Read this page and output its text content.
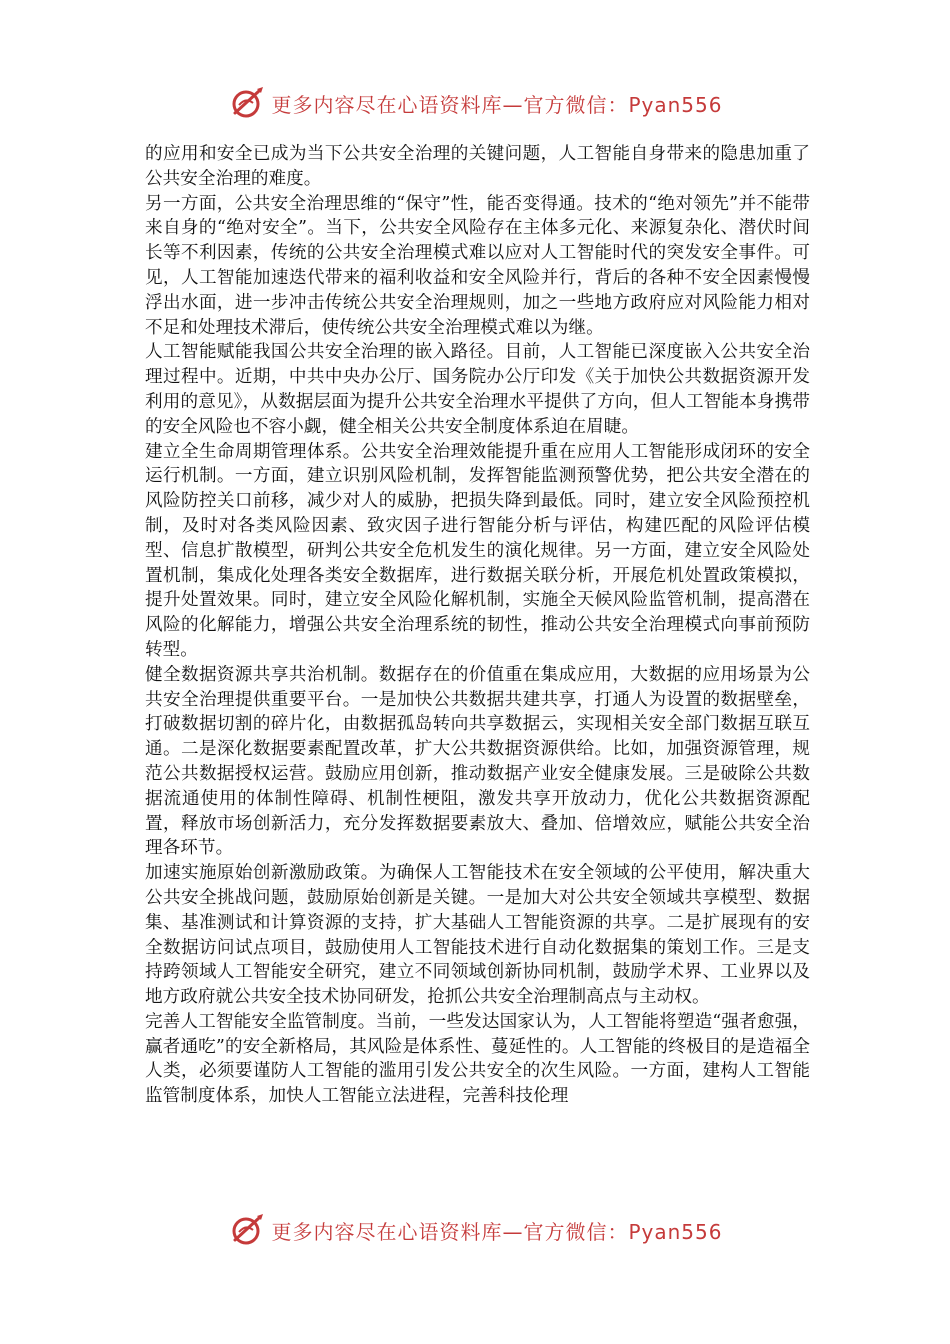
更多内容尽在心语资料库—官方微信：Pyan556

的应用和安全已成为当下公共安全治理的关键问题，人工智能自身带来的隐患加重了公共安全治理的难度。

另一方面，公共安全治理思维的“保守”性，能否变得通。技术的“绝对领先”并不能带来自身的“绝对安全”。当下，公共安全风险存在主体多元化、来源复杂化、潜伏时间长等不利因素，传统的公共安全治理模式难以应对人工智能时代的突发安全事件。可见，人工智能加速迭代带来的福利收益和安全风险并行，背后的各种不安全因素慢慢浮出水面，进一步冲击传统公共安全治理规则，加之一些地方政府应对风险能力相对不足和处理技术滞后，使传统公共安全治理模式难以为继。

人工智能赋能我国公共安全治理的嵌入路径。目前，人工智能已深度嵌入公共安全治理过程中。近期，中共中央办公厅、国务院办公厅印发《关于加快公共数据资源开发利用的意见》，从数据层面为提升公共安全治理水平提供了方向，但人工智能本身携带的安全风险也不容小觑，健全相关公共安全制度体系迫在眉睫。

建立全生命周期管理体系。公共安全治理效能提升重在应用人工智能形成闭环的安全运行机制。一方面，建立识别风险机制，发挥智能监测预警优势，把公共安全潜在的风险防控关口前移，减少对人的威胁，把损失降到最低。同时，建立安全风险预控机制，及时对各类风险因素、致灾因子进行智能分析与评估，构建匹配的风险评估模型、信息扩散模型，研判公共安全危机发生的演化规律。另一方面，建立安全风险处置机制，集成化处理各类安全数据库，进行数据关联分析，开展危机处置政策模拟，提升处置效果。同时，建立安全风险化解机制，实施全天候风险监管机制，提高潜在风险的化解能力，增强公共安全治理系统的韧性，推动公共安全治理模式向事前预防转型。

健全数据资源共享共治机制。数据存在的价值重在集成应用，大数据的应用场景为公共安全治理提供重要平台。一是加快公共数据共建共享，打通人为设置的数据壁垒，打破数据切割的碎片化，由数据孤岛转向共享数据云，实现相关安全部门数据互联互通。二是深化数据要素配置改革，扩大公共数据资源供给。比如，加强资源管理，规范公共数据授权运营。鼓励应用创新，推动数据产业安全健康发展。三是破除公共数据流通使用的体制性障碍、机制性梗阻，激发共享开放动力，优化公共数据资源配置，释放市场创新活力，充分发挥数据要素放大、叠加、倍增效应，赋能公共安全治理各环节。

加速实施原始创新激励政策。为确保人工智能技术在安全领域的公平使用，解决重大公共安全挑战问题，鼓励原始创新是关键。一是加大对公共安全领域共享模型、数据集、基准测试和计算资源的支持，扩大基础人工智能资源的共享。二是扩展现有的安全数据访问试点项目，鼓励使用人工智能技术进行自动化数据集的策划工作。三是支持跨领域人工智能安全研究，建立不同领域创新协同机制，鼓励学术界、工业界以及地方政府就公共安全技术协同研发，抢抓公共安全治理制高点与主动权。

完善人工智能安全监管制度。当前，一些发达国家认为，人工智能将塑造“强者愈强，赢者通吃”的安全新格局，其风险是体系性、蔓延性的。人工智能的终极目的是造福全人类，必须要谨防人工智能的滥用引发公共安全的次生风险。一方面，建构人工智能监管制度体系，加快人工智能立法进程，完善科技伦理

更多内容尽在心语资料库—官方微信：Pyan556
